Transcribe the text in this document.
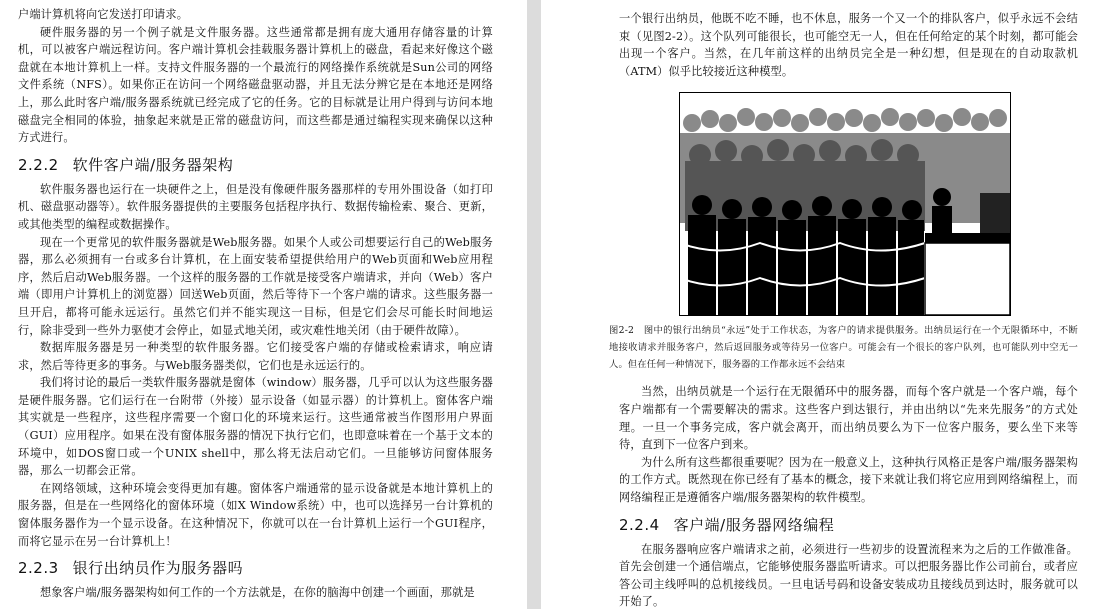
户端计算机将向它发送打印请求。

硬件服务器的另一个例子就是文件服务器。这些通常都是拥有庞大通用存储容量的计算机，可以被客户端远程访问。客户端计算机会挂载服务器计算机上的磁盘，看起来好像这个磁盘就在本地计算机上一样。支持文件服务器的一个最流行的网络操作系统就是Sun公司的网络文件系统（NFS）。如果你正在访问一个网络磁盘驱动器，并且无法分辨它是在本地还是网络上，那么此时客户端/服务器系统就已经完成了它的任务。它的目标就是让用户得到与访问本地磁盘完全相同的体验，抽象起来就是正常的磁盘访问，而这些都是通过编程实现来确保以这种方式进行。

2.2.2 软件客户端/服务器架构

软件服务器也运行在一块硬件之上，但是没有像硬件服务器那样的专用外围设备（如打印机、磁盘驱动器等）。软件服务器提供的主要服务包括程序执行、数据传输检索、聚合、更新，或其他类型的编程或数据操作。

现在一个更常见的软件服务器就是Web服务器。如果个人或公司想要运行自己的Web服务器，那么必须拥有一台或多台计算机，在上面安装希望提供给用户的Web页面和Web应用程序，然后启动Web服务器。一个这样的服务器的工作就是接受客户端请求，并向（Web）客户端（即用户计算机上的浏览器）回送Web页面，然后等待下一个客户端的请求。这些服务器一旦开启，都将可能永远运行。虽然它们并不能实现这一目标，但是它们会尽可能长时间地运行，除非受到一些外力驱使才会停止，如显式地关闭，或灾难性地关闭（由于硬件故障）。

数据库服务器是另一种类型的软件服务器。它们接受客户端的存储或检索请求，响应请求，然后等待更多的事务。与Web服务器类似，它们也是永远运行的。

我们将讨论的最后一类软件服务器就是窗体（window）服务器，几乎可以认为这些服务器是硬件服务器。它们运行在一台附带（外接）显示设备（如显示器）的计算机上。窗体客户端其实就是一些程序，这些程序需要一个窗口化的环境来运行。这些通常被当作图形用户界面（GUI）应用程序。如果在没有窗体服务器的情况下执行它们，也即意味着在一个基于文本的环境中，如DOS窗口或一个UNIX shell中，那么将无法启动它们。一旦能够访问窗体服务器，那么一切都会正常。

在网络领域，这种环境会变得更加有趣。窗体客户端通常的显示设备就是本地计算机上的服务器，但是在一些网络化的窗体环境（如X Window系统）中，也可以选择另一台计算机的窗体服务器作为一个显示设备。在这种情况下，你就可以在一台计算机上运行一个GUI程序，而将它显示在另一台计算机上！

2.2.3 银行出纳员作为服务器吗

想象客户端/服务器架构如何工作的一个方法就是，在你的脑海中创建一个画面，那就是

一个银行出纳员，他既不吃不睡，也不休息，服务一个又一个的排队客户，似乎永远不会结束（见图2-2）。这个队列可能很长，也可能空无一人，但在任何给定的某个时刻，都可能会出现一个客户。当然，在几年前这样的出纳员完全是一种幻想，但是现在的自动取款机（ATM）似乎比较接近这种模型。

图2-2　图中的银行出纳员“永远”处于工作状态，为客户的请求提供服务。出纳员运行在一个无限循环中，不断地接收请求并服务客户，然后返回服务或等待另一位客户。可能会有一个很长的客户队列，也可能队列中空无一人。但在任何一种情况下，服务器的工作都永远不会结束

当然，出纳员就是一个运行在无限循环中的服务器，而每个客户就是一个客户端，每个客户端都有一个需要解决的需求。这些客户到达银行，并由出纳以“先来先服务”的方式处理。一旦一个事务完成，客户就会离开，而出纳员要么为下一位客户服务，要么坐下来等待，直到下一位客户到来。

为什么所有这些都很重要呢？因为在一般意义上，这种执行风格正是客户端/服务器架构的工作方式。既然现在你已经有了基本的概念，接下来就让我们将它应用到网络编程上，而网络编程正是遵循客户端/服务器架构的软件模型。

2.2.4 客户端/服务器网络编程

在服务器响应客户端请求之前，必须进行一些初步的设置流程来为之后的工作做准备。首先会创建一个通信端点，它能够使服务器监听请求。可以把服务器比作公司前台，或者应答公司主线呼叫的总机接线员。一旦电话号码和设备安装成功且接线员到达时，服务就可以开始了。
